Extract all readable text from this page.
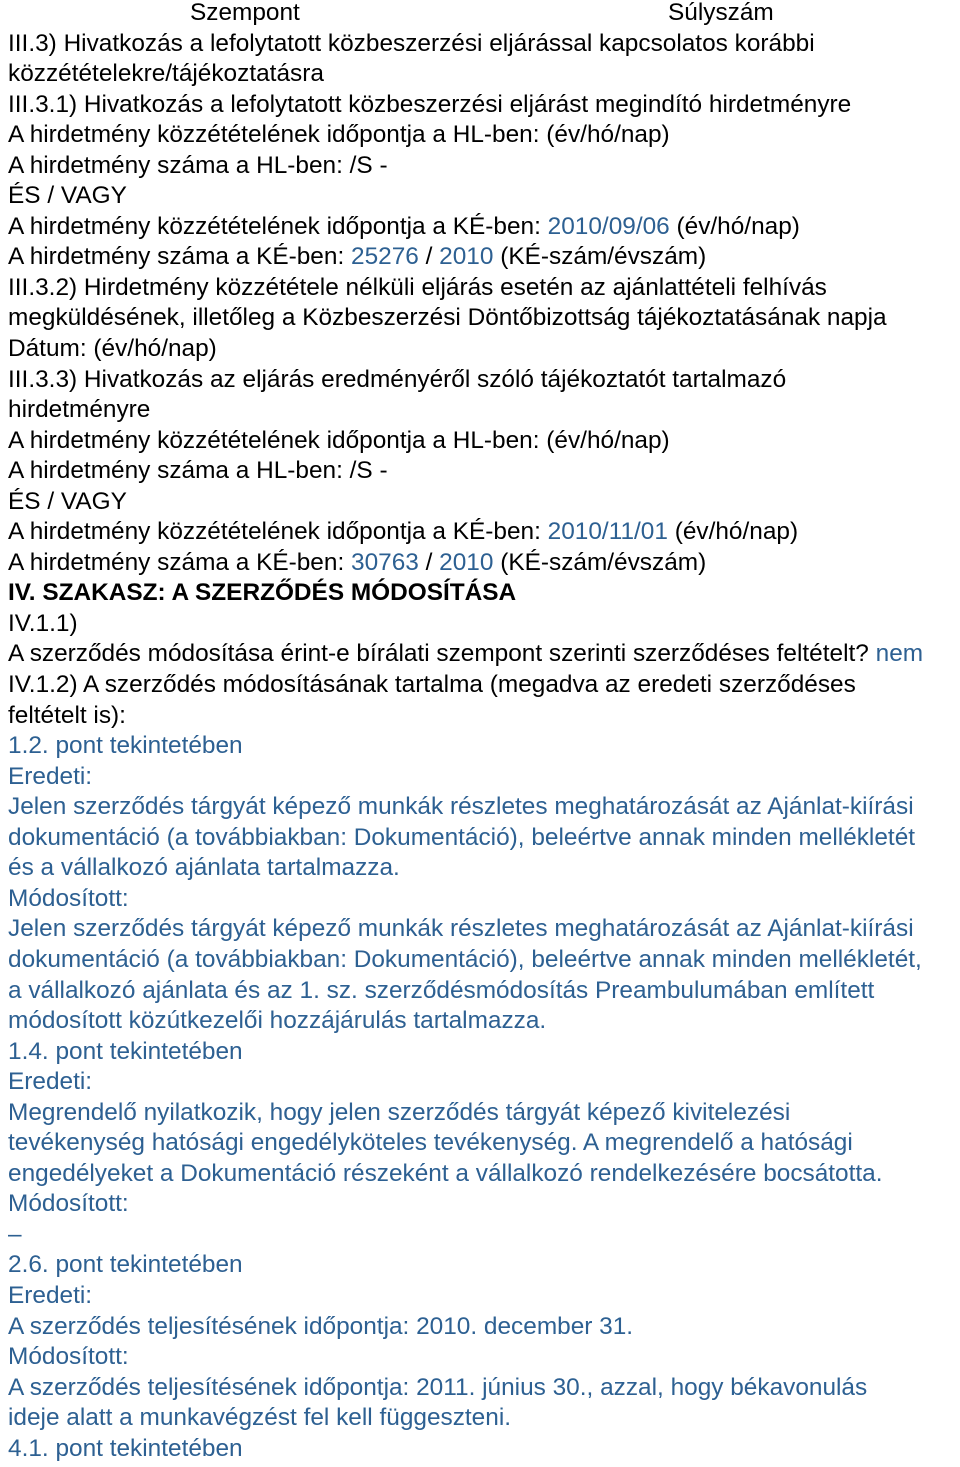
Szempont	Súlyszám
III.3) Hivatkozás a lefolytatott közbeszerzési eljárással kapcsolatos korábbi
közzétételekre/tájékoztatásra
III.3.1) Hivatkozás a lefolytatott közbeszerzési eljárást megindító hirdetményre
A hirdetmény közzétételének időpontja a HL-ben: (év/hó/nap)
A hirdetmény száma a HL-ben: /S -
ÉS / VAGY
A hirdetmény közzétételének időpontja a KÉ-ben: 2010/09/06 (év/hó/nap)
A hirdetmény száma a KÉ-ben: 25276 / 2010 (KÉ-szám/évszám)
III.3.2) Hirdetmény közzététele nélküli eljárás esetén az ajánlattételi felhívás
megküldésének, illetőleg a Közbeszerzési Döntőbizottság tájékoztatásának napja
Dátum: (év/hó/nap)
III.3.3) Hivatkozás az eljárás eredményéről szóló tájékoztatót tartalmazó
hirdetményre
A hirdetmény közzétételének időpontja a HL-ben: (év/hó/nap)
A hirdetmény száma a HL-ben: /S -
ÉS / VAGY
A hirdetmény közzétételének időpontja a KÉ-ben: 2010/11/01 (év/hó/nap)
A hirdetmény száma a KÉ-ben: 30763 / 2010 (KÉ-szám/évszám)
IV. SZAKASZ: A SZERZŐDÉS MÓDOSÍTÁSA
IV.1.1)
A szerződés módosítása érint-e bírálati szempont szerinti szerződéses feltételt? nem
IV.1.2) A szerződés módosításának tartalma (megadva az eredeti szerződéses
feltételt is):
1.2. pont tekintetében
Eredeti:
Jelen szerződés tárgyát képező munkák részletes meghatározását az Ajánlat-kiírási
dokumentáció (a továbbiakban: Dokumentáció), beleértve annak minden mellékletét
és a vállalkozó ajánlata tartalmazza.
Módosított:
Jelen szerződés tárgyát képező munkák részletes meghatározását az Ajánlat-kiírási
dokumentáció (a továbbiakban: Dokumentáció), beleértve annak minden mellékletét,
a vállalkozó ajánlata és az 1. sz. szerződésmódosítás Preambulumában említett
módosított közútkezelői hozzájárulás tartalmazza.
1.4. pont tekintetében
Eredeti:
Megrendelő nyilatkozik, hogy jelen szerződés tárgyát képező kivitelezési
tevékenység hatósági engedélyköteles tevékenység. A megrendelő a hatósági
engedélyeket a Dokumentáció részeként a vállalkozó rendelkezésére bocsátotta.
Módosított:
–
2.6. pont tekintetében
Eredeti:
A szerződés teljesítésének időpontja: 2010. december 31.
Módosított:
A szerződés teljesítésének időpontja: 2011. június 30., azzal, hogy békavonulás
ideje alatt a munkavégzést fel kell függeszteni.
4.1. pont tekintetében
